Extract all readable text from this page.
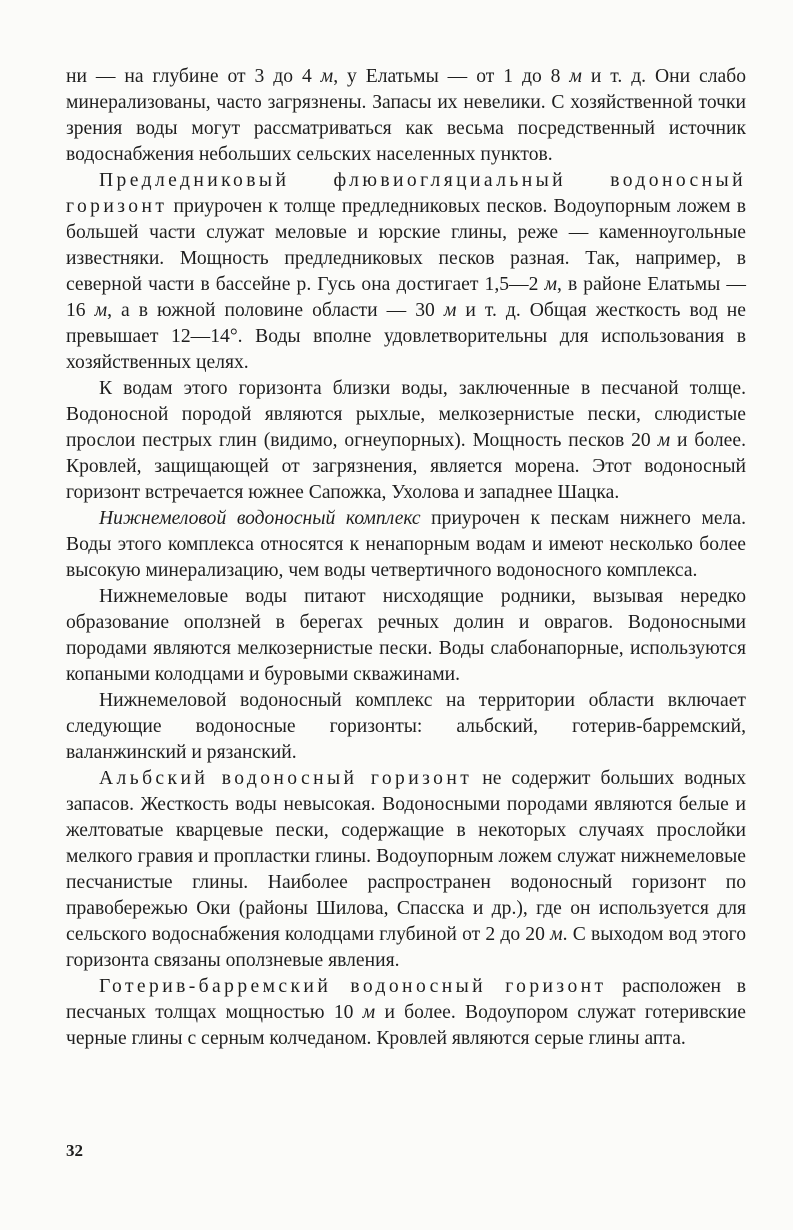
ни — на глубине от 3 до 4 м, у Елатьмы — от 1 до 8 м и т. д. Они слабо минерализованы, часто загрязнены. Запасы их невелики. С хозяйственной точки зрения воды могут рассматриваться как весьма посредственный источник водоснабжения небольших сельских населенных пунктов.

Предледниковый флювиогляциальный водоносный горизонт приурочен к толще предледниковых песков. Водоупорным ложем в большей части служат меловые и юрские глины, реже — каменноугольные известняки. Мощность предледниковых песков разная. Так, например, в северной части в бассейне р. Гусь она достигает 1,5—2 м, в районе Елатьмы — 16 м, а в южной половине области — 30 м и т. д. Общая жесткость вод не превышает 12—14°. Воды вполне удовлетворительны для использования в хозяйственных целях.

К водам этого горизонта близки воды, заключенные в песчаной толще. Водоносной породой являются рыхлые, мелкозернистые пески, слюдистые прослои пестрых глин (видимо, огнеупорных). Мощность песков 20 м и более. Кровлей, защищающей от загрязнения, является морена. Этот водоносный горизонт встречается южнее Сапожка, Ухолова и западнее Шацка.

Нижнемеловой водоносный комплекс приурочен к пескам нижнего мела. Воды этого комплекса относятся к ненапорным водам и имеют несколько более высокую минерализацию, чем воды четвертичного водоносного комплекса.

Нижнемеловые воды питают нисходящие родники, вызывая нередко образование оползней в берегах речных долин и оврагов. Водоносными породами являются мелкозернистые пески. Воды слабонапорные, используются копаными колодцами и буровыми скважинами.

Нижнемеловой водоносный комплекс на территории области включает следующие водоносные горизонты: альбский, готерив-барремский, валанжинский и рязанский.

Альбский водоносный горизонт не содержит больших водных запасов. Жесткость воды невысокая. Водоносными породами являются белые и желтоватые кварцевые пески, содержащие в некоторых случаях прослойки мелкого гравия и пропластки глины. Водоупорным ложем служат нижнемеловые песчанистые глины. Наиболее распространен водоносный горизонт по правобережью Оки (районы Шилова, Спасска и др.), где он используется для сельского водоснабжения колодцами глубиной от 2 до 20 м. С выходом вод этого горизонта связаны оползневые явления.

Готерив-барремский водоносный горизонт расположен в песчаных толщах мощностью 10 м и более. Водоупором служат готеривские черные глины с серным колчеданом. Кровлей являются серые глины апта.

32
